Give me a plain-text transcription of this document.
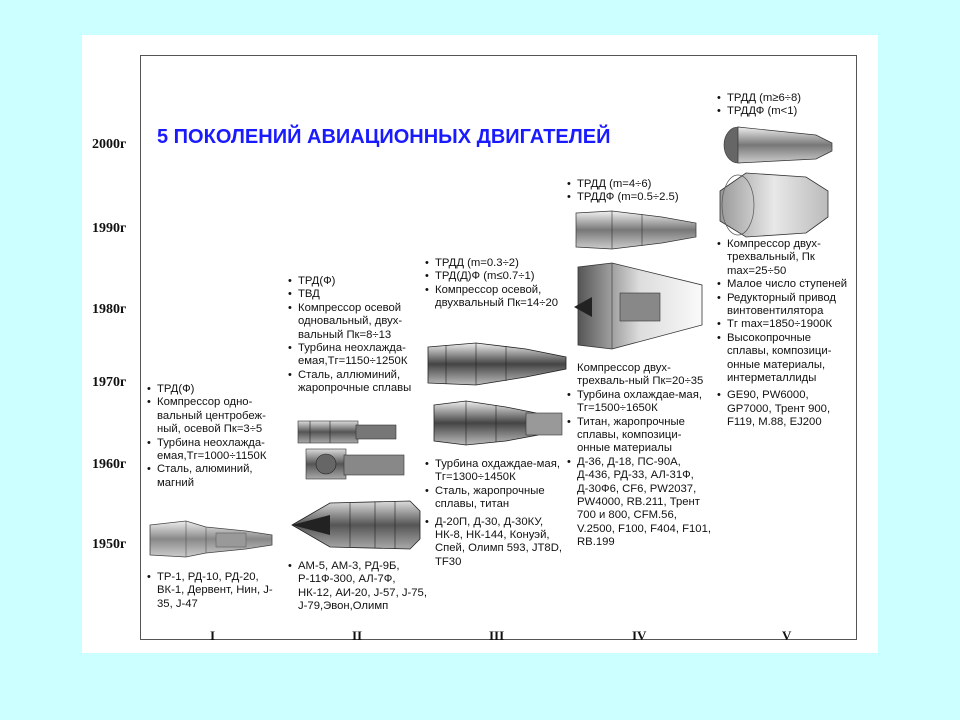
2000г
1990г
1980г
1970г
1960г
1950г
I	II	III	IV	V
5 ПОКОЛЕНИЙ АВИАЦИОННЫХ ДВИГАТЕЛЕЙ
• ТРД(Ф)
• Компрессор одно-вальный центробеж-ный, осевой Пк=3÷5
• Турбина неохлажда-емая,Тг=1000÷1150К
• Сталь, алюминий, магний
• ТР-1, РД-10, РД-20, ВК-1, Дервент, Нин, J-35, J-47
• ТРД(Ф)
• ТВД
• Компрессор осевой одновальный, двух-вальный Пк=8÷13
• Турбина неохлажда-емая,Тг=1150÷1250К
• Сталь, аллюминий, жаропрочные сплавы
• АМ-5, АМ-3, РД-9Б, Р-11Ф-300, АЛ-7Ф, НК-12, АИ-20, J-57, J-75, J-79,Эвон,Олимп
• ТРДД (m=0.3÷2)
• ТРД(Д)Ф (m≤0.7÷1)
• Компрессор осевой, двухвальный Пк=14÷20
• Турбина охдаждае-мая, Тг=1300÷1450К
• Сталь, жаропрочные сплавы, титан
• Д-20П, Д-30, Д-30КУ, НК-8, НК-144, Конуэй, Спей, Олимп 593, JT8D, TF30
• ТРДД (m=4÷6)
• ТРДДФ (m=0.5÷2.5)
Компрессор двух-трехваль-ный Пк=20÷35
• Турбина охлаждае-мая, Тг=1500÷1650К
• Титан, жаропрочные сплавы, композици-онные материалы
• Д-36, Д-18, ПС-90А, Д-436, РД-33, АЛ-31Ф, Д-30Ф6, CF6, PW2037, PW4000, RB.211, Трент 700 и 800, CFM.56, V.2500, F100, F404, F101, RB.199
• ТРДД (m≥6÷8)
• ТРДДФ (m<1)
• Компрессор двух-трехвальный, Пк max=25÷50
• Малое число ступеней
• Редукторный привод винтовентилятора
• Тг max=1850÷1900К
• Высокопрочные сплавы, композици-онные материалы, интерметаллиды
• GE90, PW6000, GP7000, Трент 900, F119, M.88, EJ200
